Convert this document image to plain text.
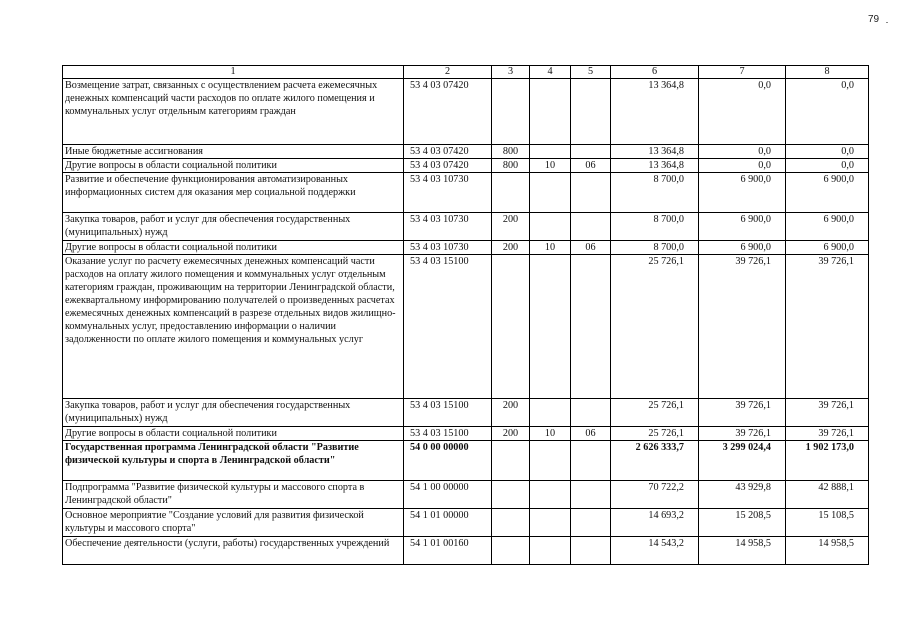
79
1	2	3	4	5	6	7	8
Возмещение затрат, связанных с осуществлением расчета ежемесячных денежных компенсаций части расходов по оплате жилого помещения и коммунальных услуг отдельным категориям граждан	53 4 03 07420				13 364,8	0,0	0,0
Иные бюджетные ассигнования	53 4 03 07420	800			13 364,8	0,0	0,0
Другие вопросы в области социальной политики	53 4 03 07420	800	10	06	13 364,8	0,0	0,0
Развитие и обеспечение функционирования автоматизированных информационных систем для оказания мер социальной поддержки	53 4 03 10730				8 700,0	6 900,0	6 900,0
Закупка товаров, работ и услуг для обеспечения государственных (муниципальных) нужд	53 4 03 10730	200			8 700,0	6 900,0	6 900,0
Другие вопросы в области социальной политики	53 4 03 10730	200	10	06	8 700,0	6 900,0	6 900,0
Оказание услуг по расчету ежемесячных денежных компенсаций части расходов на оплату жилого помещения и коммунальных услуг отдельным категориям граждан, проживающим на территории Ленинградской области, ежеквартальному информированию получателей о произведенных расчетах ежемесячных денежных компенсаций в разрезе отдельных видов жилищно-коммунальных услуг, предоставлению информации о наличии задолженности по оплате жилого помещения и коммунальных услуг	53 4 03 15100				25 726,1	39 726,1	39 726,1
Закупка товаров, работ и услуг для обеспечения государственных (муниципальных) нужд	53 4 03 15100	200			25 726,1	39 726,1	39 726,1
Другие вопросы в области социальной политики	53 4 03 15100	200	10	06	25 726,1	39 726,1	39 726,1
Государственная программа Ленинградской области "Развитие физической культуры и спорта в Ленинградской области"	54 0 00 00000				2 626 333,7	3 299 024,4	1 902 173,0
Подпрограмма "Развитие физической культуры и массового спорта в Ленинградской области"	54 1 00 00000				70 722,2	43 929,8	42 888,1
Основное мероприятие "Создание условий для развития физической культуры и массового спорта"	54 1 01 00000				14 693,2	15 208,5	15 108,5
Обеспечение деятельности (услуги, работы) государственных учреждений	54 1 01 00160				14 543,2	14 958,5	14 958,5
